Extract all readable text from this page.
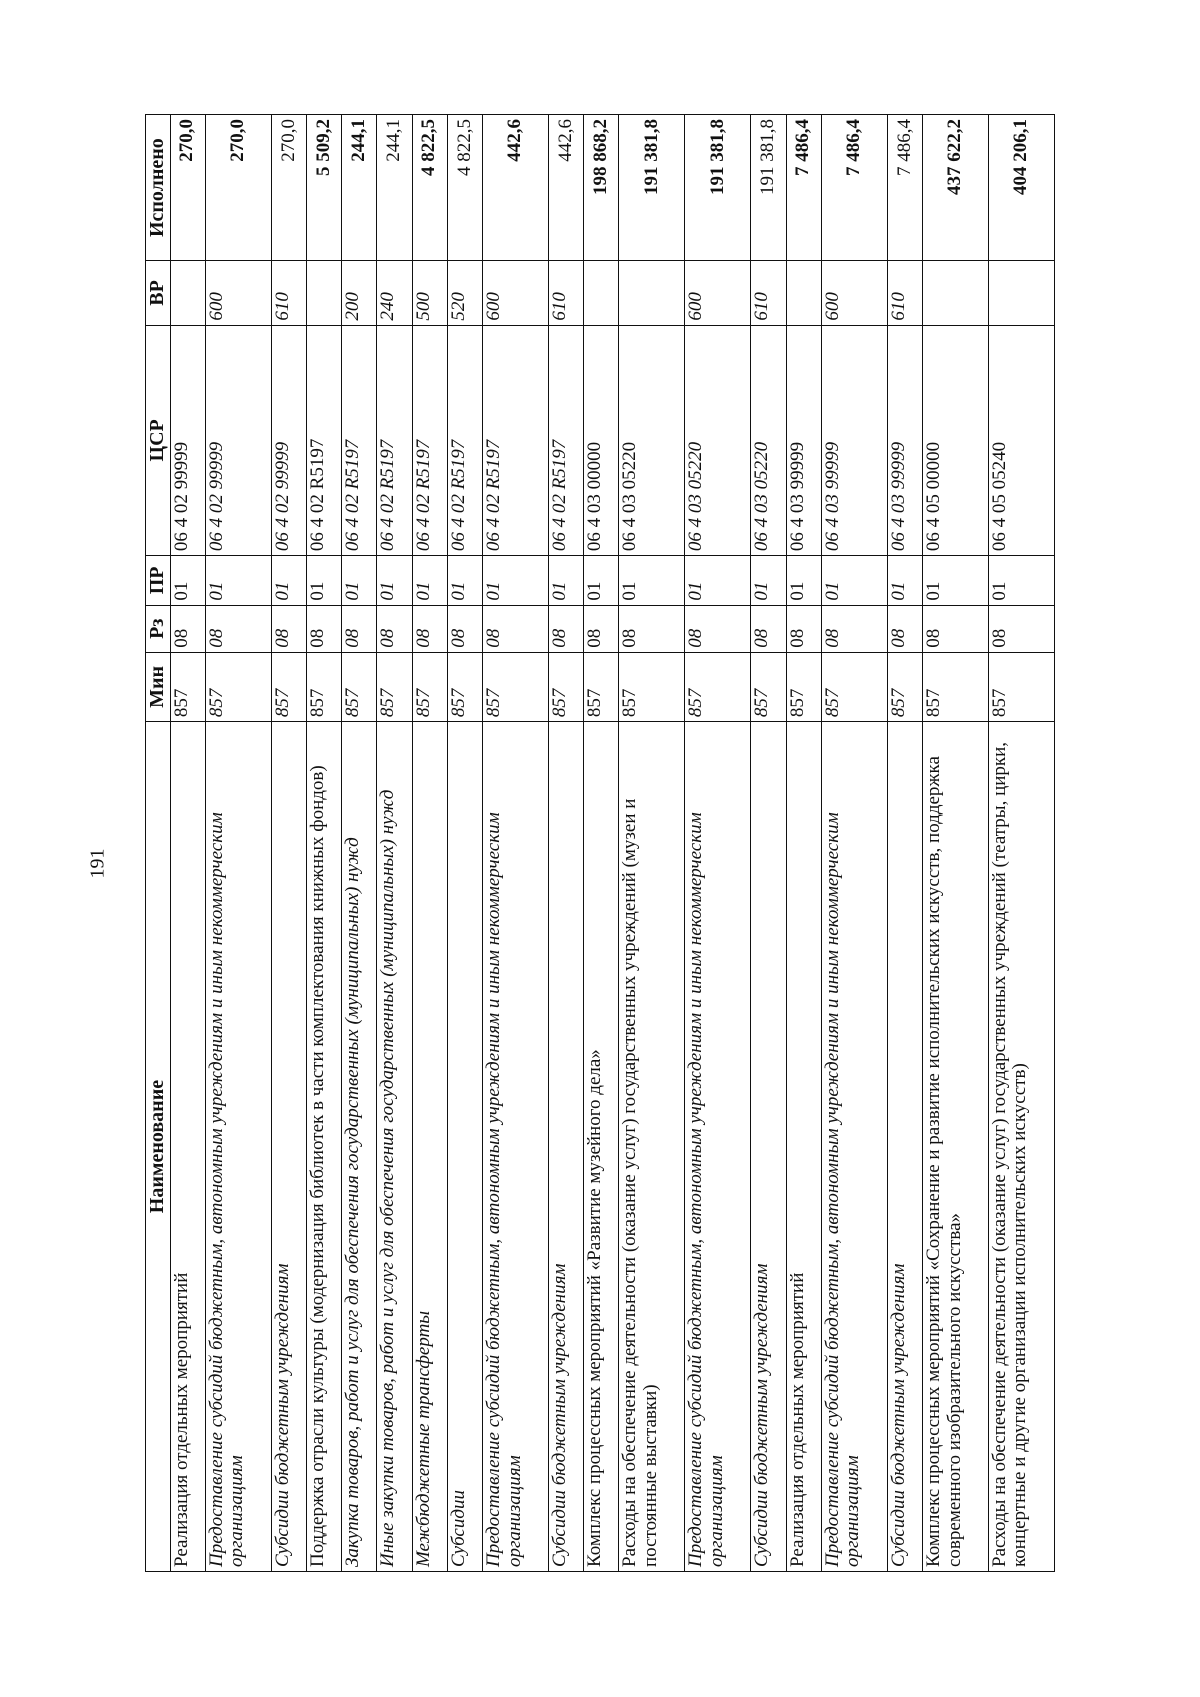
191
Наименование	Мин	Рз	ПР	ЦСР	ВР	Исполнено
Реализация отдельных мероприятий	857	08	01	06 4 02 99999		270,0
Предоставление субсидий бюджетным, автономным учреждениям и иным некоммерческим организациям	857	08	01	06 4 02 99999	600	270,0
Субсидии бюджетным учреждениям	857	08	01	06 4 02 99999	610	270,0
Поддержка отрасли культуры (модернизация библиотек в части комплектования книжных фондов)	857	08	01	06 4 02 R5197		5 509,2
Закупка товаров, работ и услуг для обеспечения государственных (муниципальных) нужд	857	08	01	06 4 02 R5197	200	244,1
Иные закупки товаров, работ и услуг для обеспечения государственных (муниципальных) нужд	857	08	01	06 4 02 R5197	240	244,1
Межбюджетные трансферты	857	08	01	06 4 02 R5197	500	4 822,5
Субсидии	857	08	01	06 4 02 R5197	520	4 822,5
Предоставление субсидий бюджетным, автономным учреждениям и иным некоммерческим организациям	857	08	01	06 4 02 R5197	600	442,6
Субсидии бюджетным учреждениям	857	08	01	06 4 02 R5197	610	442,6
Комплекс процессных мероприятий «Развитие музейного дела»	857	08	01	06 4 03 00000		198 868,2
Расходы на обеспечение деятельности (оказание услуг) государственных учреждений (музеи и постоянные выставки)	857	08	01	06 4 03 05220		191 381,8
Предоставление субсидий бюджетным, автономным учреждениям и иным некоммерческим организациям	857	08	01	06 4 03 05220	600	191 381,8
Субсидии бюджетным учреждениям	857	08	01	06 4 03 05220	610	191 381,8
Реализация отдельных мероприятий	857	08	01	06 4 03 99999		7 486,4
Предоставление субсидий бюджетным, автономным учреждениям и иным некоммерческим организациям	857	08	01	06 4 03 99999	600	7 486,4
Субсидии бюджетным учреждениям	857	08	01	06 4 03 99999	610	7 486,4
Комплекс процессных мероприятий «Сохранение и развитие исполнительских искусств, поддержка современного изобразительного искусства»	857	08	01	06 4 05 00000		437 622,2
Расходы на обеспечение деятельности (оказание услуг) государственных учреждений (театры, цирки, концертные и другие организации исполнительских искусств)	857	08	01	06 4 05 05240		404 206,1
